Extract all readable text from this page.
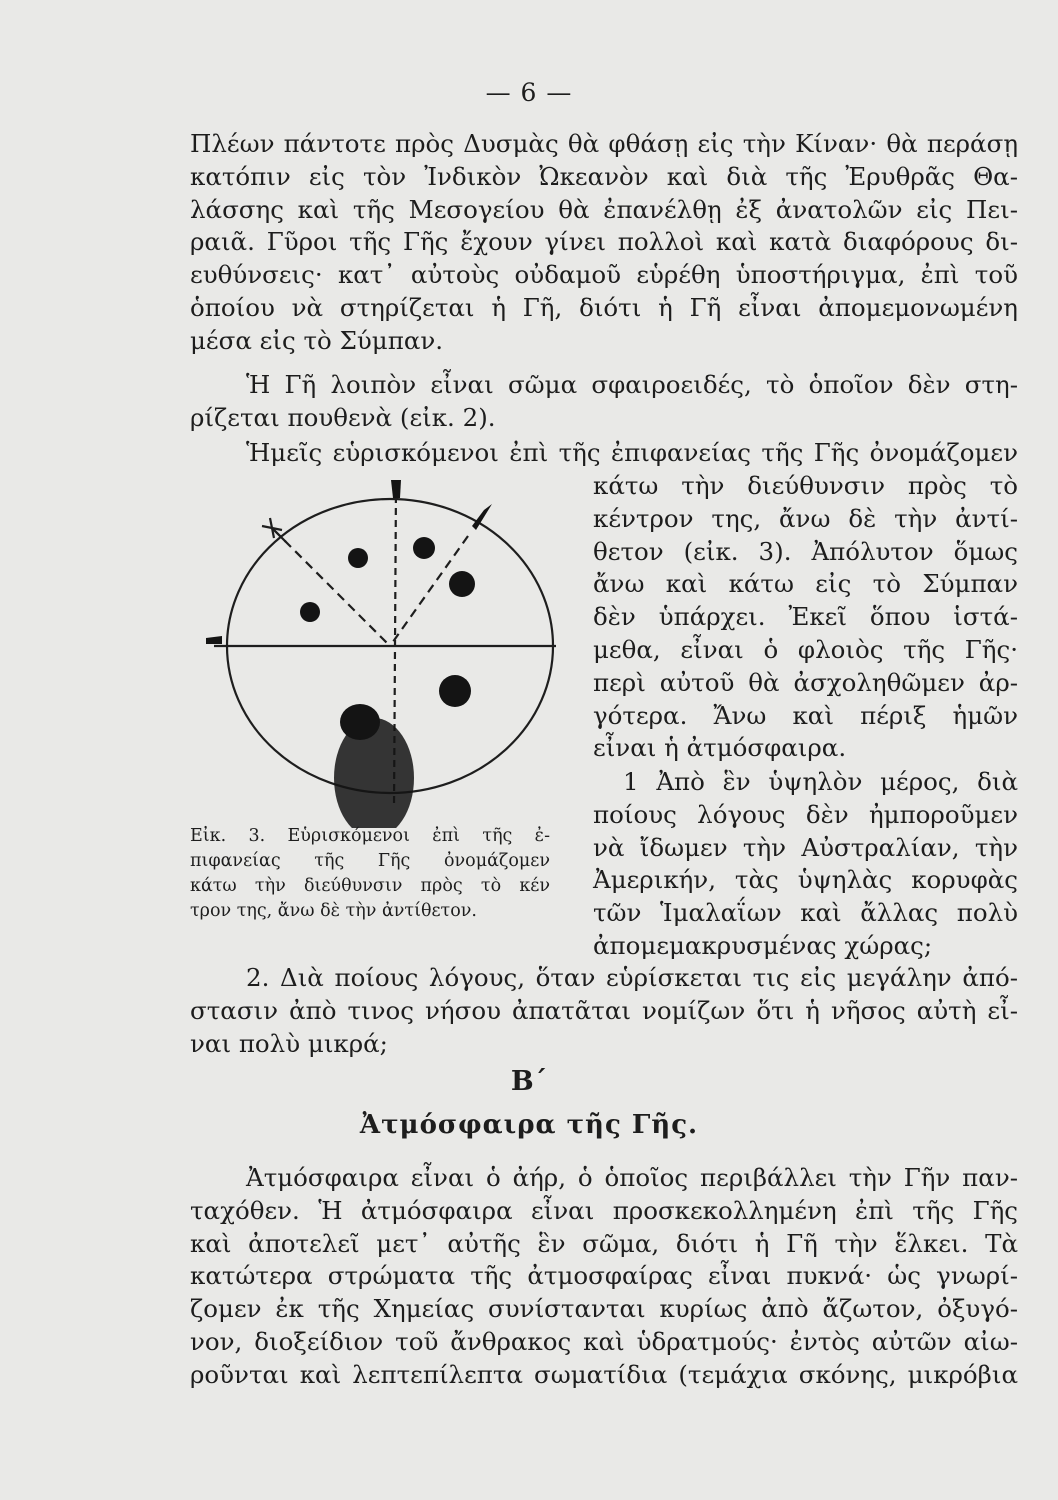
— 6 —
Πλέων πάντοτε πρὸς Δυσμὰς θὰ φθάσῃ εἰς τὴν Κίναν· θὰ περάσῃ
κατόπιν εἰς τὸν Ἰνδικὸν Ὠκεανὸν καὶ διὰ τῆς Ἐρυθρᾶς Θα-
λάσσης καὶ τῆς Μεσογείου θὰ ἐπανέλθῃ ἐξ ἀνατολῶν εἰς Πει-
ραιᾶ. Γῦροι τῆς Γῆς ἔχουν γίνει πολλοὶ καὶ κατὰ διαφόρους δι-
ευθύνσεις· κατ᾽ αὐτοὺς οὐδαμοῦ εὑρέθη ὑποστήριγμα, ἐπὶ τοῦ
ὁποίου νὰ στηρίζεται ἡ Γῆ, διότι ἡ Γῆ εἶναι ἀπομεμονωμένη
μέσα εἰς τὸ Σύμπαν.
Ἡ Γῆ λοιπὸν εἶναι σῶμα σφαιροειδές, τὸ ὁποῖον δὲν στη-
ρίζεται πουθενὰ (εἰκ. 2).
Ἡμεῖς εὑρισκόμενοι ἐπὶ τῆς ἐπιφανείας τῆς Γῆς ὀνομάζομεν
κάτω τὴν διεύθυνσιν πρὸς τὸ
κέντρον της, ἄνω δὲ τὴν ἀντί-
θετον (εἰκ. 3). Ἀπόλυτον ὅμως
ἄνω καὶ κάτω εἰς τὸ Σύμπαν
δὲν ὑπάρχει. Ἐκεῖ ὅπου ἱστά-
μεθα, εἶναι ὁ φλοιὸς τῆς Γῆς·
περὶ αὐτοῦ θὰ ἀσχοληθῶμεν ἀρ-
γότερα. Ἄνω καὶ πέριξ ἡμῶν
εἶναι ἡ ἀτμόσφαιρα.
1 Ἀπὸ ἓν ὑψηλὸν μέρος, διὰ
ποίους λόγους δὲν ἠμποροῦμεν
νὰ ἴδωμεν τὴν Αὐστραλίαν, τὴν
Ἀμερικήν, τὰς ὑψηλὰς κορυφὰς
τῶν Ἱμαλαΐων καὶ ἄλλας πολὺ
ἀπομεμακρυσμένας χώρας;
Εἰκ. 3. Εὑρισκόμενοι ἐπὶ τῆς ἐ-
πιφανείας τῆς Γῆς ὀνομάζομεν
κάτω τὴν διεύθυνσιν πρὸς τὸ κέν
τρον της, ἄνω δὲ τὴν ἀντίθετον.
2. Διὰ ποίους λόγους, ὅταν εὑρίσκεται τις εἰς μεγάλην ἀπό-
στασιν ἀπὸ τινος νήσου ἀπατᾶται νομίζων ὅτι ἡ νῆσος αὐτὴ εἶ-
ναι πολὺ μικρά;
Β΄
Ἀτμόσφαιρα τῆς Γῆς.
Ἀτμόσφαιρα εἶναι ὁ ἀήρ, ὁ ὁποῖος περιβάλλει τὴν Γῆν παν-
ταχόθεν. Ἡ ἀτμόσφαιρα εἶναι προσκεκολλημένη ἐπὶ τῆς Γῆς
καὶ ἀποτελεῖ μετ᾽ αὐτῆς ἓν σῶμα, διότι ἡ Γῆ τὴν ἕλκει. Τὰ
κατώτερα στρώματα τῆς ἀτμοσφαίρας εἶναι πυκνά· ὡς γνωρί-
ζομεν ἐκ τῆς Χημείας συνίστανται κυρίως ἀπὸ ἄζωτον, ὀξυγό-
νον, διοξείδιον τοῦ ἄνθρακος καὶ ὑδρατμούς· ἐντὸς αὐτῶν αἰω-
ροῦνται καὶ λεπτεπίλεπτα σωματίδια (τεμάχια σκόνης, μικρόβια
